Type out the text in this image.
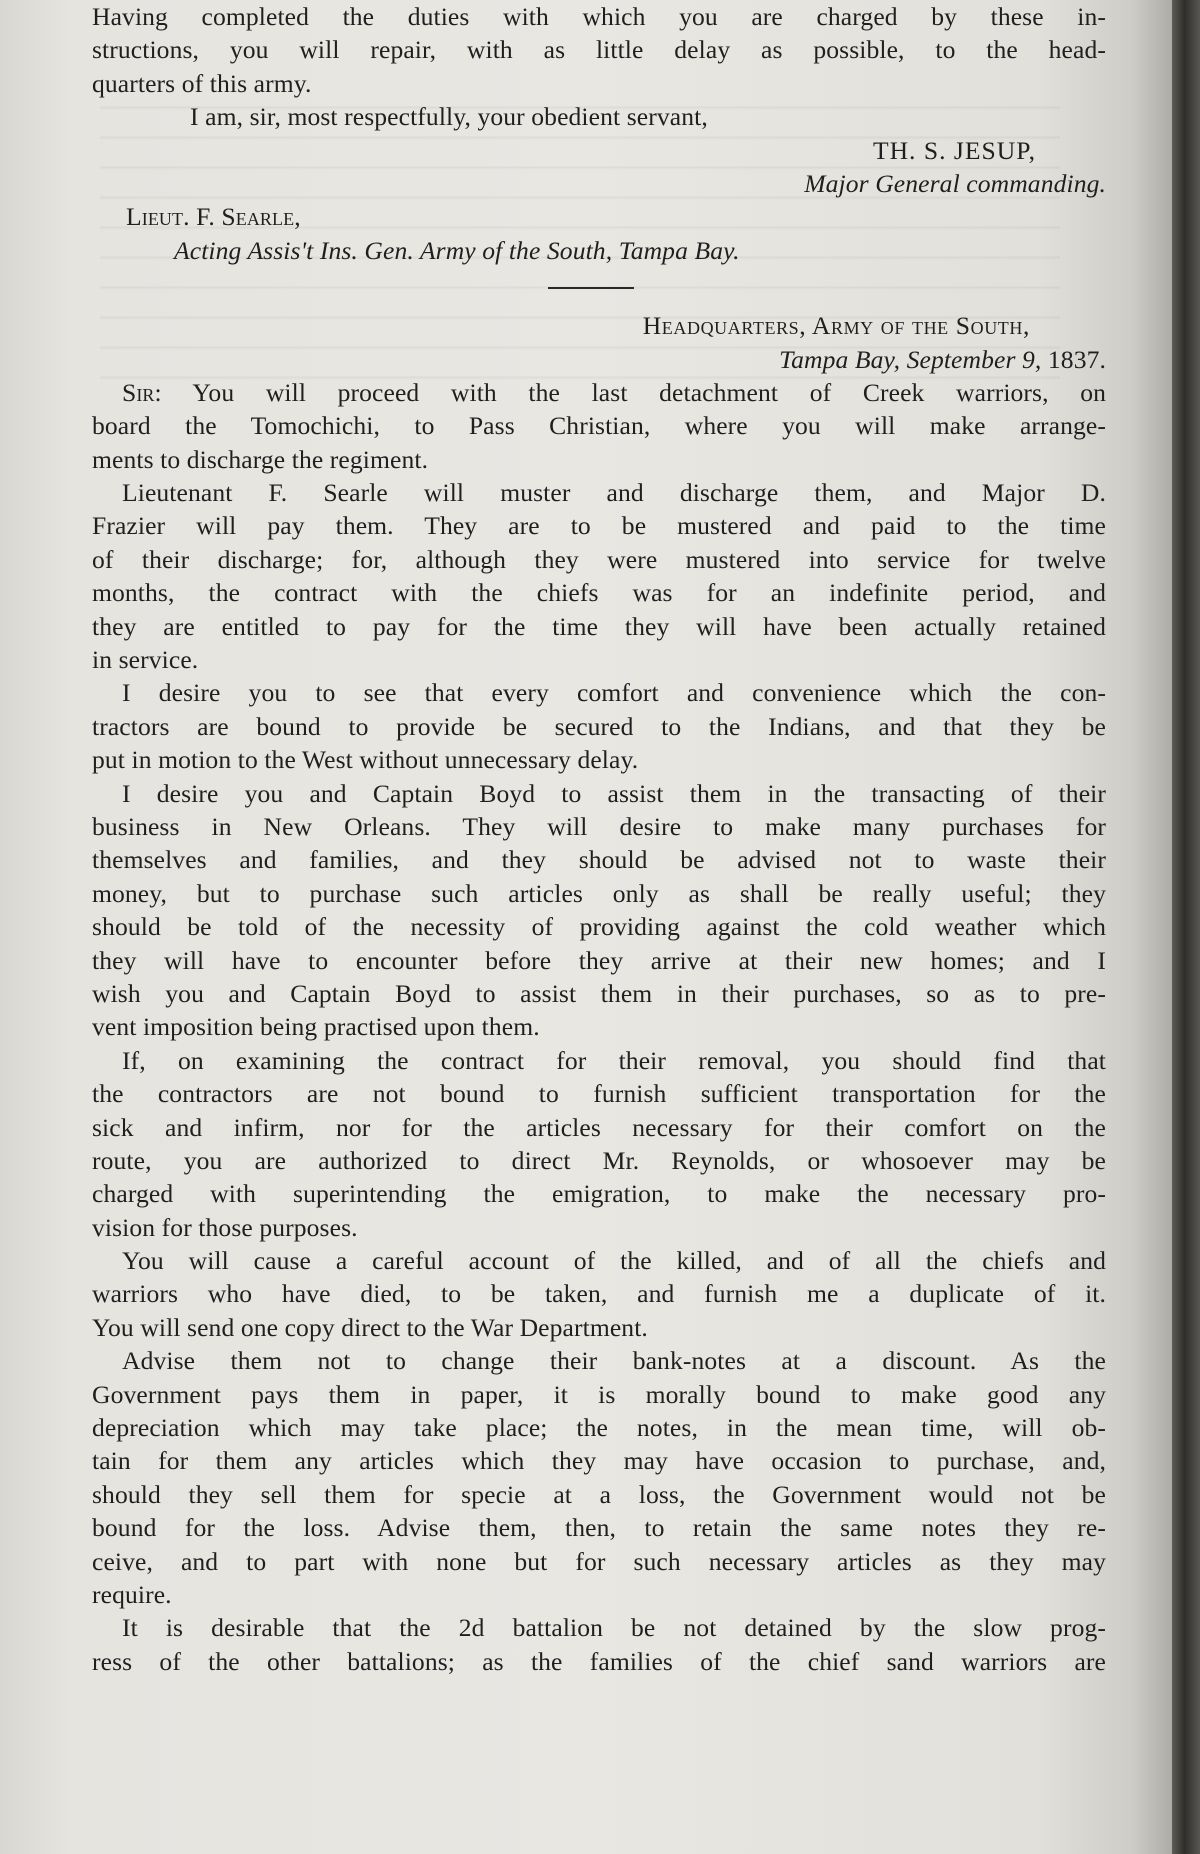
Having completed the duties with which you are charged by these in-
structions, you will repair, with as little delay as possible, to the head-
quarters of this army.
I am, sir, most respectfully, your obedient servant,
TH. S. JESUP,
Major General commanding.
Lieut. F. Searle,
Acting Assis't Ins. Gen. Army of the South, Tampa Bay.
Headquarters, Army of the South,
Tampa Bay, September 9, 1837.
Sir: You will proceed with the last detachment of Creek warriors, on
board the Tomochichi, to Pass Christian, where you will make arrange-
ments to discharge the regiment.
Lieutenant F. Searle will muster and discharge them, and Major D.
Frazier will pay them. They are to be mustered and paid to the time
of their discharge; for, although they were mustered into service for twelve
months, the contract with the chiefs was for an indefinite period, and
they are entitled to pay for the time they will have been actually retained
in service.
I desire you to see that every comfort and convenience which the con-
tractors are bound to provide be secured to the Indians, and that they be
put in motion to the West without unnecessary delay.
I desire you and Captain Boyd to assist them in the transacting of their
business in New Orleans. They will desire to make many purchases for
themselves and families, and they should be advised not to waste their
money, but to purchase such articles only as shall be really useful; they
should be told of the necessity of providing against the cold weather which
they will have to encounter before they arrive at their new homes; and I
wish you and Captain Boyd to assist them in their purchases, so as to pre-
vent imposition being practised upon them.
If, on examining the contract for their removal, you should find that
the contractors are not bound to furnish sufficient transportation for the
sick and infirm, nor for the articles necessary for their comfort on the
route, you are authorized to direct Mr. Reynolds, or whosoever may be
charged with superintending the emigration, to make the necessary pro-
vision for those purposes.
You will cause a careful account of the killed, and of all the chiefs and
warriors who have died, to be taken, and furnish me a duplicate of it.
You will send one copy direct to the War Department.
Advise them not to change their bank-notes at a discount. As the
Government pays them in paper, it is morally bound to make good any
depreciation which may take place; the notes, in the mean time, will ob-
tain for them any articles which they may have occasion to purchase, and,
should they sell them for specie at a loss, the Government would not be
bound for the loss. Advise them, then, to retain the same notes they re-
ceive, and to part with none but for such necessary articles as they may
require.
It is desirable that the 2d battalion be not detained by the slow prog-
ress of the other battalions; as the families of the chief sand warriors are
